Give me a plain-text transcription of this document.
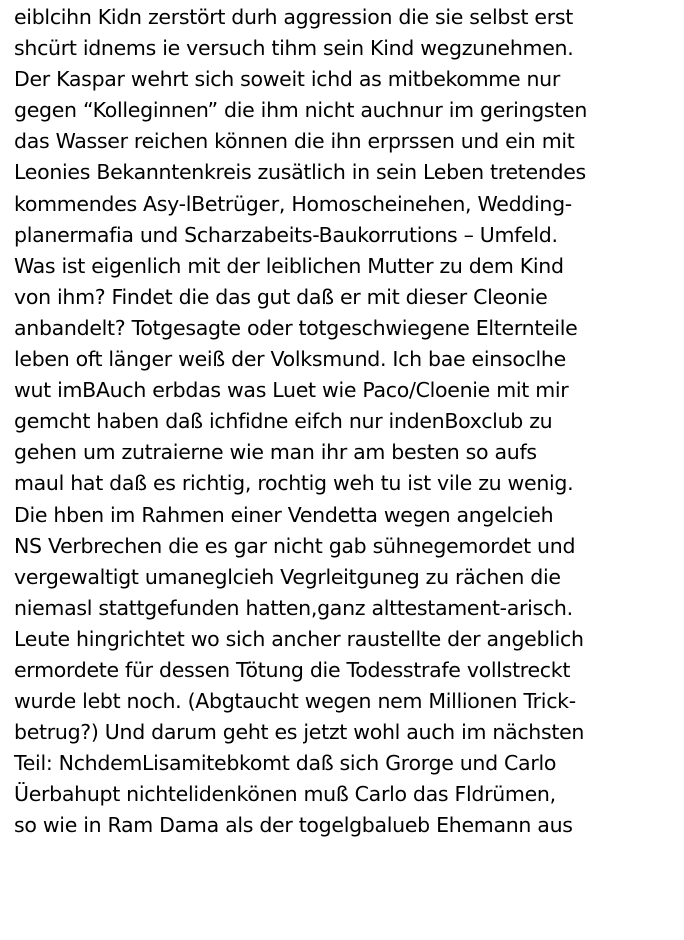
eiblcihn Kidn zerstört durh aggression die sie selbst erst
shcürt idnems ie versuch tihm sein Kind wegzunehmen.
Der Kaspar wehrt sich soweit ichd as mitbekomme nur
gegen “Kolleginnen” die ihm nicht auchnur im geringsten
das Wasser reichen können die ihn erprssen und ein mit
Leonies Bekanntenkreis zusätlich in sein Leben tretendes
kommendes Asy-lBetrüger, Homoscheinehen, Wedding-
planermafia und Scharzabeits-Baukorrutions – Umfeld.
Was ist eigenlich mit der leiblichen Mutter zu dem Kind
von ihm? Findet die das gut daß er mit dieser Cleonie
anbandelt? Totgesagte oder totgeschwiegene Elternteile
leben oft länger weiß der Volksmund. Ich bae einsoclhe
wut imBAuch erbdas was Luet wie Paco/Cloenie mit mir
gemcht haben daß ichfidne eifch nur indenBoxclub zu
gehen um zutraierne wie man ihr am besten so aufs
maul hat daß es richtig, rochtig weh tu ist vile zu wenig.
Die hben im Rahmen einer Vendetta wegen angelcieh
NS Verbrechen die es gar nicht gab sühnegemordet und
vergewaltigt umaneglcieh Vegrleitguneg zu rächen die
niemasl stattgefunden hatten,ganz alttestament-arisch.
Leute hingrichtet wo sich ancher raustellte der angeblich
ermordete für dessen Tötung die Todesstrafe vollstreckt
wurde lebt noch. (Abgtaucht wegen nem Millionen Trick-
betrug?) Und darum geht es jetzt wohl auch im nächsten
Teil: NchdemLisamitebkomt daß sich Grorge und Carlo
Üerbahupt nichtelidenkönen muß Carlo das Fldrümen,
so wie in Ram Dama als der togelgbalueb Ehemann aus
